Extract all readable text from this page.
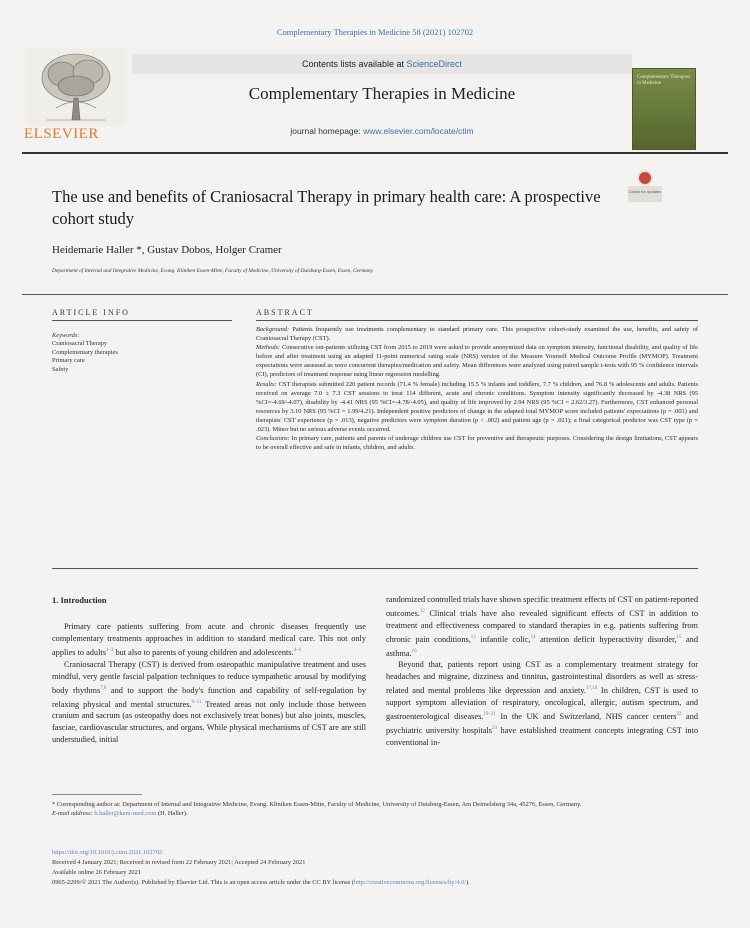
Complementary Therapies in Medicine 58 (2021) 102702
ELSEVIER
Contents lists available at ScienceDirect
Complementary Therapies in Medicine
journal homepage: www.elsevier.com/locate/ctim
Complementary Therapies in Medicine
The use and benefits of Craniosacral Therapy in primary health care: A prospective cohort study
Check for updates
Heidemarie Haller *, Gustav Dobos, Holger Cramer
Department of Internal and Integrative Medicine, Evang. Kliniken Essen-Mitte, Faculty of Medicine, University of Duisburg-Essen, Essen, Germany
ARTICLE INFO	ABSTRACT
Keywords:
Craniosacral Therapy
Complementary therapies
Primary care
Safety

Background: Patients frequently use treatments complementary to standard primary care. This prospective cohort-study examined the use, benefits, and safety of Craniosacral Therapy (CST).

Methods: Consecutive out-patients utilizing CST from 2015 to 2019 were asked to provide anonymized data on symptom intensity, functional disability, and quality of life before and after treatment using an adapted 11-point numerical rating scale (NRS) version of the Measure Yourself Medical Outcome Profile (MYMOP). Treatment expectations were assessed as were concurrent therapies/medication and safety. Mean differences were analyzed using paired sample t-tests with 95 % confidence intervals (CI), predictors of treatment response using linear regression modelling.

Results: CST therapists submitted 220 patient records (71.4 % female) including 15.5 % infants and toddlers, 7.7 % children, and 76.8 % adolescents and adults. Patients received on average 7.0 ± 7.3 CST sessions to treat 114 different, acute and chronic conditions. Symptom intensity significantly decreased by -4.38 NRS (95 %CI=-4.69/-4.07), disability by -4.41 NRS (95 %CI=-4.78/-4.05), and quality of life improved by 2.94 NRS (95 %CI = 2.62/3.27). Furthermore, CST enhanced personal resources by 3.10 NRS (95 %CI = 1.99/4.21). Independent positive predictors of change in the adapted total MYMOP score included patients' expectations (p = .001) and therapists' CST experience (p = .013), negative predictors were symptom duration (p < .002) and patient age (p = .021); a final categorical predictor was CST type (p = .023). Minor but no serious adverse events occurred.

Conclusions: In primary care, patients and parents of underage children use CST for preventive and therapeutic purposes. Considering the design limitations, CST appears to be overall effective and safe in infants, children, and adults.

1. Introduction

Primary care patients suffering from acute and chronic diseases frequently use complementary treatments approaches in addition to standard medical care. This not only applies to adults$^{1-3}$ but also to parents of young children and adolescents.$^{4-6}$

Craniosacral Therapy (CST) is derived from osteopathic manipulative treatment and uses mindful, very gentle fascial palpation techniques to reduce sympathetic arousal by modifying body rhythms$^{7,8}$ and to support the body's function and capability of self-regulation by relaxing physical and mental structures.$^{9-11}$ Treated areas not only include those between cranium and sacrum (as osteopathy does not exclusively treat bones) but also joints, muscles, fasciae, cardiovascular structures, and organs. While physical mechanisms of CST are are still understudied, initial

randomized controlled trials have shown specific treatment effects of CST on patient-reported outcomes.$^{12}$ Clinical trials have also revealed significant effects of CST in addition to treatment and effectiveness compared to standard therapies in e.g. patients suffering from chronic pain conditions,$^{13}$ infantile colic,$^{14}$ attention deficit hyperactivity disorder,$^{15}$ and asthma.$^{16}$

Beyond that, patients report using CST as a complementary treatment strategy for headaches and migraine, dizziness and tinnitus, gastrointestinal disorders as well as stress-related and mental problems like depression and anxiety.$^{17,18}$ In children, CST is used to support symptom alleviation of respiratory, oncological, allergic, autism spectrum, and gastroenterological diseases.$^{19-21}$ In the UK and Switzerland, NHS cancer centers$^{22}$ and psychiatric university hospitals$^{23}$ have established treatment concepts integrating CST into conventional in-

* Corresponding author at: Department of Internal and Integrative Medicine, Evang. Kliniken Essen-Mitte, Faculty of Medicine, University of Duisburg-Essen, Am Deimelsberg 34a, 45276, Essen, Germany.
E-mail address: h.haller@kem-med.com (H. Haller).
https://doi.org/10.1016/j.ctim.2021.102702
Received 4 January 2021; Received in revised form 22 February 2021; Accepted 24 February 2021
Available online 26 February 2021
0965-2299/© 2021 The Author(s). Published by Elsevier Ltd. This is an open access article under the CC BY license (http://creativecommons.org/licenses/by/4.0/).
